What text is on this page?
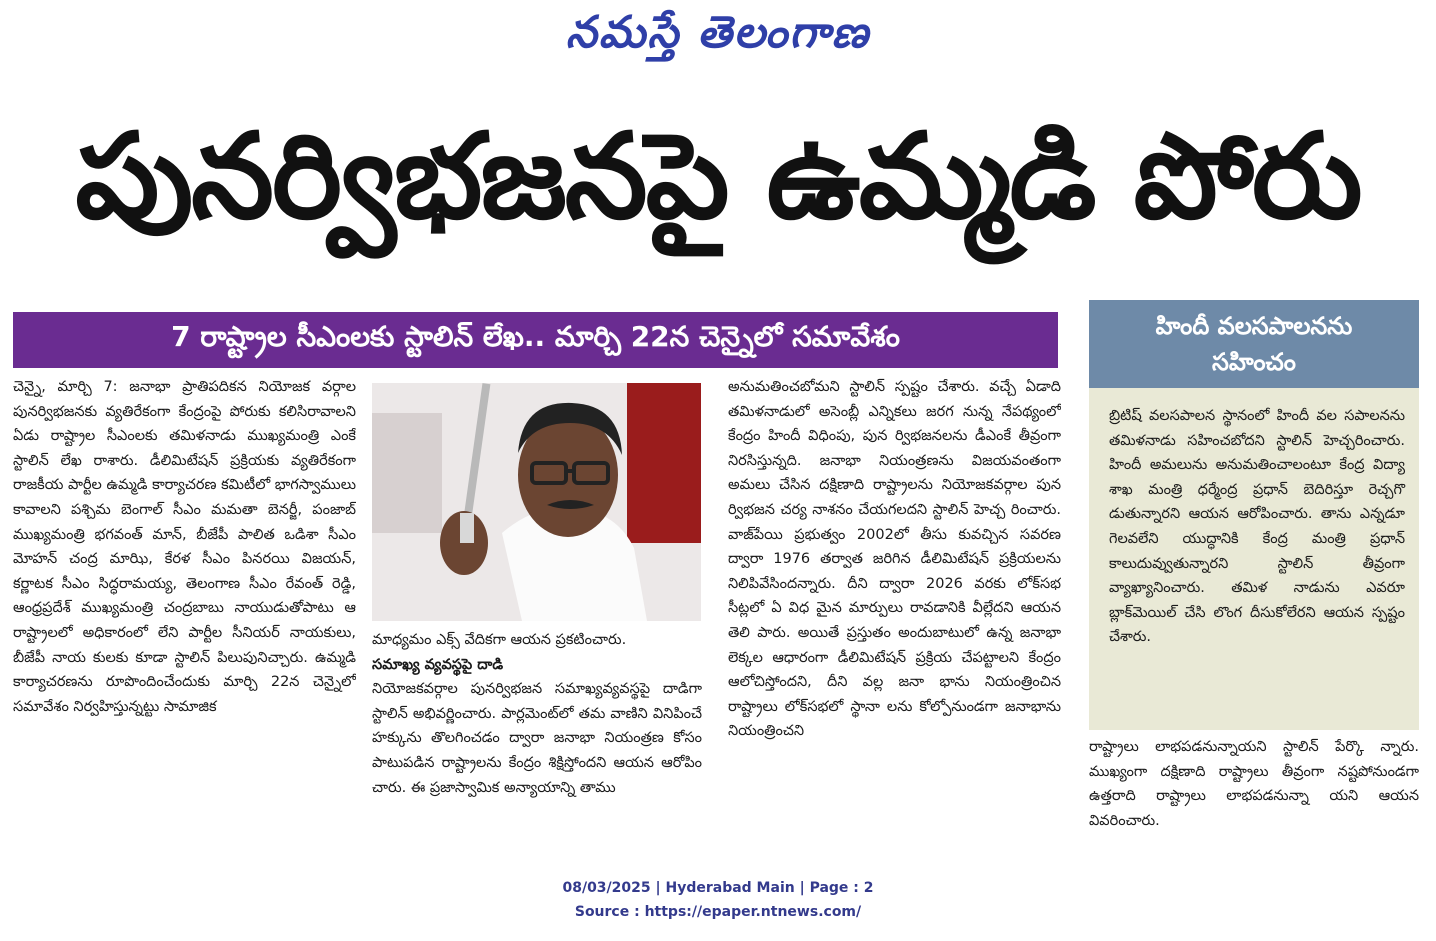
నమస్తే తెలంగాణ
పునర్విభజనపై ఉమ్మడి పోరు
7 రాష్ట్రాల సీఎంలకు స్టాలిన్ లేఖ.. మార్చి 22న చెన్నైలో సమావేశం

చెన్నై, మార్చి 7: జనాభా ప్రాతిపదికన నియోజక వర్గాల పునర్విభజనకు వ్యతిరేకంగా కేంద్రంపై పోరుకు కలిసిరావాలని ఏడు రాష్ట్రాల సీఎంలకు తమిళనాడు ముఖ్యమంత్రి ఎంకే స్టాలిన్ లేఖ రాశారు. డీలిమిటేషన్ ప్రక్రియకు వ్యతిరేకంగా రాజకీయ పార్టీల ఉమ్మడి కార్యాచరణ కమిటీలో భాగస్వాములు కావాలని పశ్చిమ బెంగాల్ సీఎం మమతా బెనర్జీ, పంజాబ్ ముఖ్యమంత్రి భగవంత్ మాన్, బీజేపీ పాలిత ఒడిశా సీఎం మోహన్ చంద్ర మాఝి, కేరళ సీఎం పినరయి విజయన్, కర్ణాటక సీఎం సిద్ధరామయ్య, తెలంగాణ సీఎం రేవంత్ రెడ్డి, ఆంధ్రప్రదేశ్ ముఖ్యమంత్రి చంద్రబాబు నాయుడుతోపాటు ఆ రాష్ట్రాలలో అధికారంలో లేని పార్టీల సీనియర్ నాయకులు, బీజేపీ నాయ కులకు కూడా స్టాలిన్ పిలుపునిచ్చారు. ఉమ్మడి కార్యాచరణను రూపొందించేందుకు మార్చి 22న చెన్నైలో సమావేశం నిర్వహిస్తున్నట్టు సామాజిక

మాధ్యమం ఎక్స్ వేదికగా ఆయన ప్రకటించారు.

సమాఖ్య వ్యవస్థపై దాడి

నియోజకవర్గాల పునర్విభజన సమాఖ్యవ్యవస్థపై దాడిగా స్టాలిన్ అభివర్ణించారు. పార్లమెంట్‌లో తమ వాణిని వినిపించే హక్కును తొలగించడం ద్వారా జనాభా నియంత్రణ కోసం పాటుపడిన రాష్ట్రాలను కేంద్రం శిక్షిస్తోందని ఆయన ఆరోపిం చారు. ఈ ప్రజాస్వామిక అన్యాయాన్ని తాము

అనుమతించబోమని స్టాలిన్ స్పష్టం చేశారు. వచ్చే ఏడాది తమిళనాడులో అసెంబ్లీ ఎన్నికలు జరగ నున్న నేపథ్యంలో కేంద్రం హిందీ విధింపు, పున ర్విభజనలను డీఎంకే తీవ్రంగా నిరసిస్తున్నది. జనాభా నియంత్రణను విజయవంతంగా అమలు చేసిన దక్షిణాది రాష్ట్రాలను నియోజకవర్గాల పున ర్విభజన చర్య నాశనం చేయగలదని స్టాలిన్ హెచ్చ రించారు. వాజ్‌పేయి ప్రభుత్వం 2002లో తీసు కువచ్చిన సవరణ ద్వారా 1976 తర్వాత జరిగిన డీలిమిటేషన్ ప్రక్రియలను నిలిపివేసిందన్నారు. దీని ద్వారా 2026 వరకు లోక్‌సభ సీట్లలో ఏ విధ మైన మార్పులు రావడానికి వీల్లేదని ఆయన తెలి పారు. అయితే ప్రస్తుతం అందుబాటులో ఉన్న జనాభా లెక్కల ఆధారంగా డీలిమిటేషన్ ప్రక్రియ చేపట్టాలని కేంద్రం ఆలోచిస్తోందని, దీని వల్ల జనా భాను నియంత్రించిన రాష్ట్రాలు లోక్‌సభలో స్థానా లను కోల్పోనుండగా జనాభాను నియంత్రించని

హిందీ వలసపాలనను
సహించం

బ్రిటిష్ వలసపాలన స్థానంలో హిందీ వల సపాలనను తమిళనాడు సహించబోదని స్టాలిన్ హెచ్చరించారు. హిందీ అమలును అనుమతించాలంటూ కేంద్ర విద్యా శాఖ మంత్రి ధర్మేంద్ర ప్రధాన్ బెదిరిస్తూ రెచ్చగొ డుతున్నారని ఆయన ఆరోపించారు. తాను ఎన్నడూ గెలవలేని యుద్ధానికి కేంద్ర మంత్రి ప్రధాన్ కాలుదువ్వుతున్నారని స్టాలిన్ తీవ్రంగా వ్యాఖ్యానించారు. తమిళ నాడును ఎవరూ బ్లాక్‌మెయిల్ చేసి లొంగ దీసుకోలేరని ఆయన స్పష్టం చేశారు.

రాష్ట్రాలు లాభపడనున్నాయని స్టాలిన్ పేర్కొ న్నారు. ముఖ్యంగా దక్షిణాది రాష్ట్రాలు తీవ్రంగా నష్టపోనుండగా ఉత్తరాది రాష్ట్రాలు లాభపడనున్నా యని ఆయన వివరించారు.

08/03/2025 | Hyderabad Main | Page : 2
Source : https://epaper.ntnews.com/
